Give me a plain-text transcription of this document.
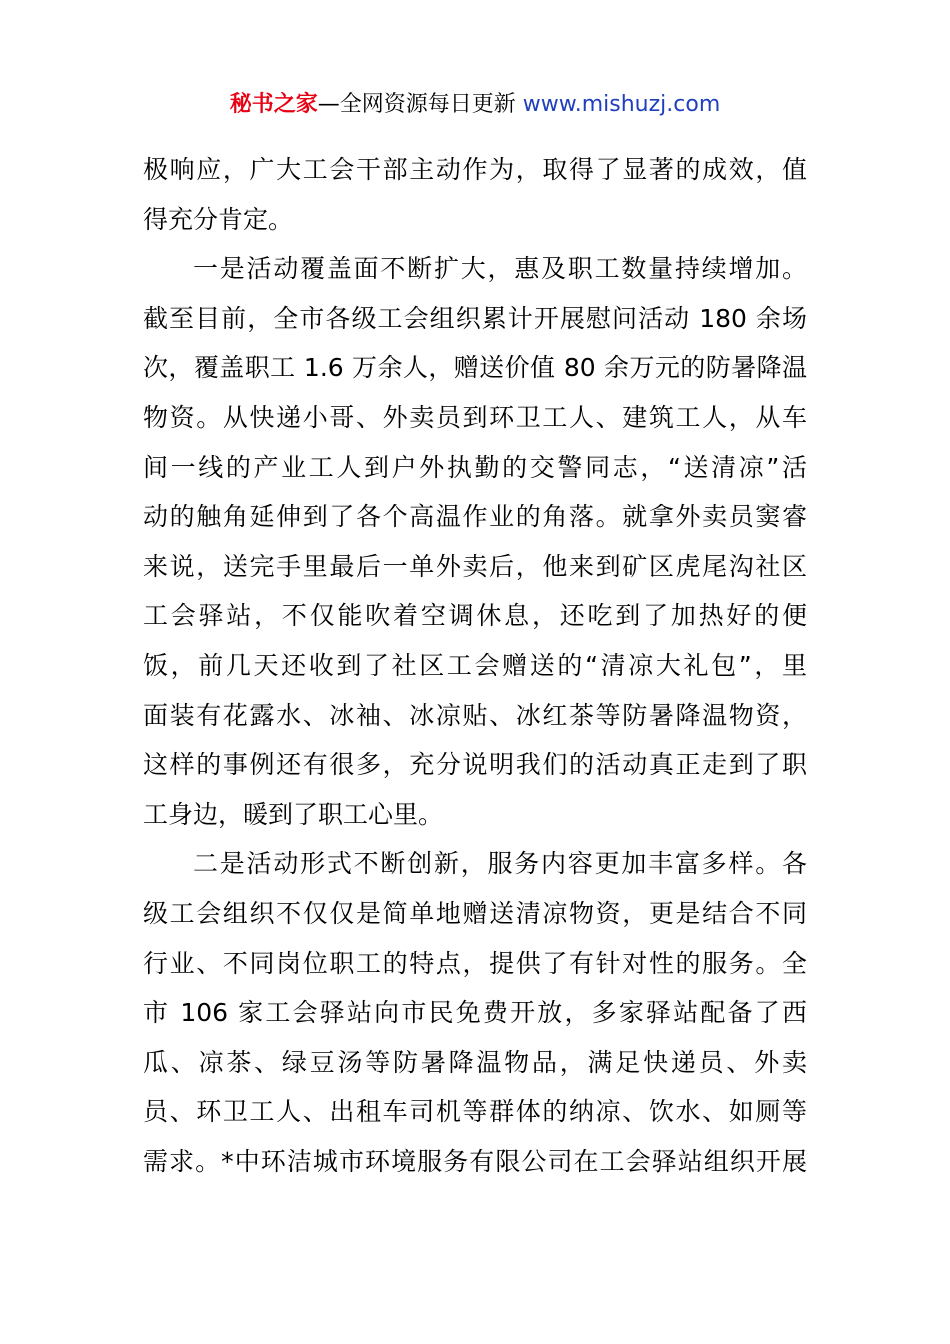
秘书之家—全网资源每日更新 www.mishuzj.com
极响应，广大工会干部主动作为，取得了显著的成效，值
得充分肯定。
一是活动覆盖面不断扩大，惠及职工数量持续增加。
截至目前，全市各级工会组织累计开展慰问活动 180 余场
次，覆盖职工 1.6 万余人，赠送价值 80 余万元的防暑降温
物资。从快递小哥、外卖员到环卫工人、建筑工人，从车
间一线的产业工人到户外执勤的交警同志，“送清凉”活
动的触角延伸到了各个高温作业的角落。就拿外卖员窦睿
来说，送完手里最后一单外卖后，他来到矿区虎尾沟社区
工会驿站，不仅能吹着空调休息，还吃到了加热好的便
饭，前几天还收到了社区工会赠送的“清凉大礼包”，里
面装有花露水、冰袖、冰凉贴、冰红茶等防暑降温物资，
这样的事例还有很多，充分说明我们的活动真正走到了职
工身边，暖到了职工心里。
二是活动形式不断创新，服务内容更加丰富多样。各
级工会组织不仅仅是简单地赠送清凉物资，更是结合不同
行业、不同岗位职工的特点，提供了有针对性的服务。全
市 106 家工会驿站向市民免费开放，多家驿站配备了西
瓜、凉茶、绿豆汤等防暑降温物品，满足快递员、外卖
员、环卫工人、出租车司机等群体的纳凉、饮水、如厕等
需求。*中环洁城市环境服务有限公司在工会驿站组织开展
